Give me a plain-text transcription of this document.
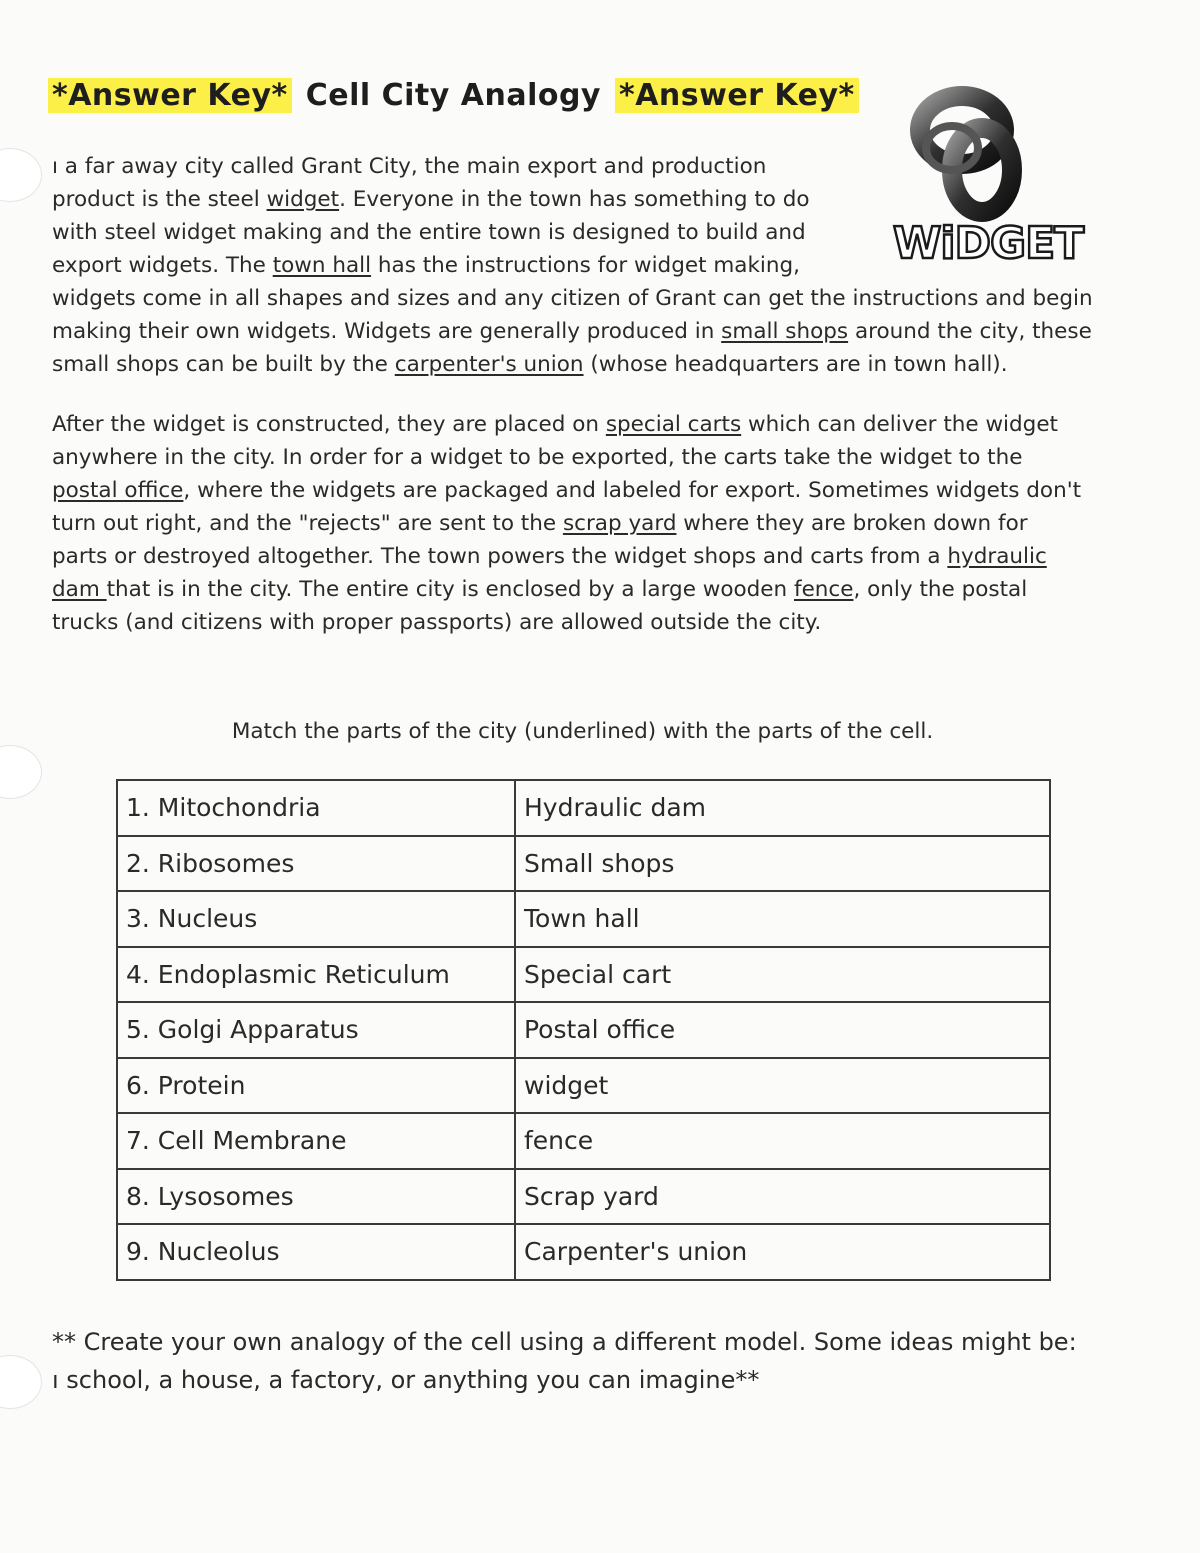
*Answer Key* Cell City Analogy *Answer Key*
WiDGET
ı a far away city called Grant City, the main export and production
product is the steel widget. Everyone in the town has something to do
with steel widget making and the entire town is designed to build and
export widgets. The town hall has the instructions for widget making,
widgets come in all shapes and sizes and any citizen of Grant can get the instructions and begin
making their own widgets. Widgets are generally produced in small shops around the city, these
small shops can be built by the carpenter's union (whose headquarters are in town hall).
After the widget is constructed, they are placed on special carts which can deliver the widget
anywhere in the city. In order for a widget to be exported, the carts take the widget to the
postal office, where the widgets are packaged and labeled for export. Sometimes widgets don't
turn out right, and the "rejects" are sent to the scrap yard where they are broken down for
parts or destroyed altogether. The town powers the widget shops and carts from a hydraulic
dam that is in the city. The entire city is enclosed by a large wooden fence, only the postal
trucks (and citizens with proper passports) are allowed outside the city.

Match the parts of the city (underlined) with the parts of the cell.

1. Mitochondria	Hydraulic dam
2. Ribosomes	Small shops
3. Nucleus	Town hall
4. Endoplasmic Reticulum	Special cart
5. Golgi Apparatus	Postal office
6. Protein	widget
7. Cell Membrane	fence
8. Lysosomes	Scrap yard
9. Nucleolus	Carpenter's union

** Create your own analogy of the cell using a different model. Some ideas might be:
ı school, a house, a factory, or anything you can imagine**
